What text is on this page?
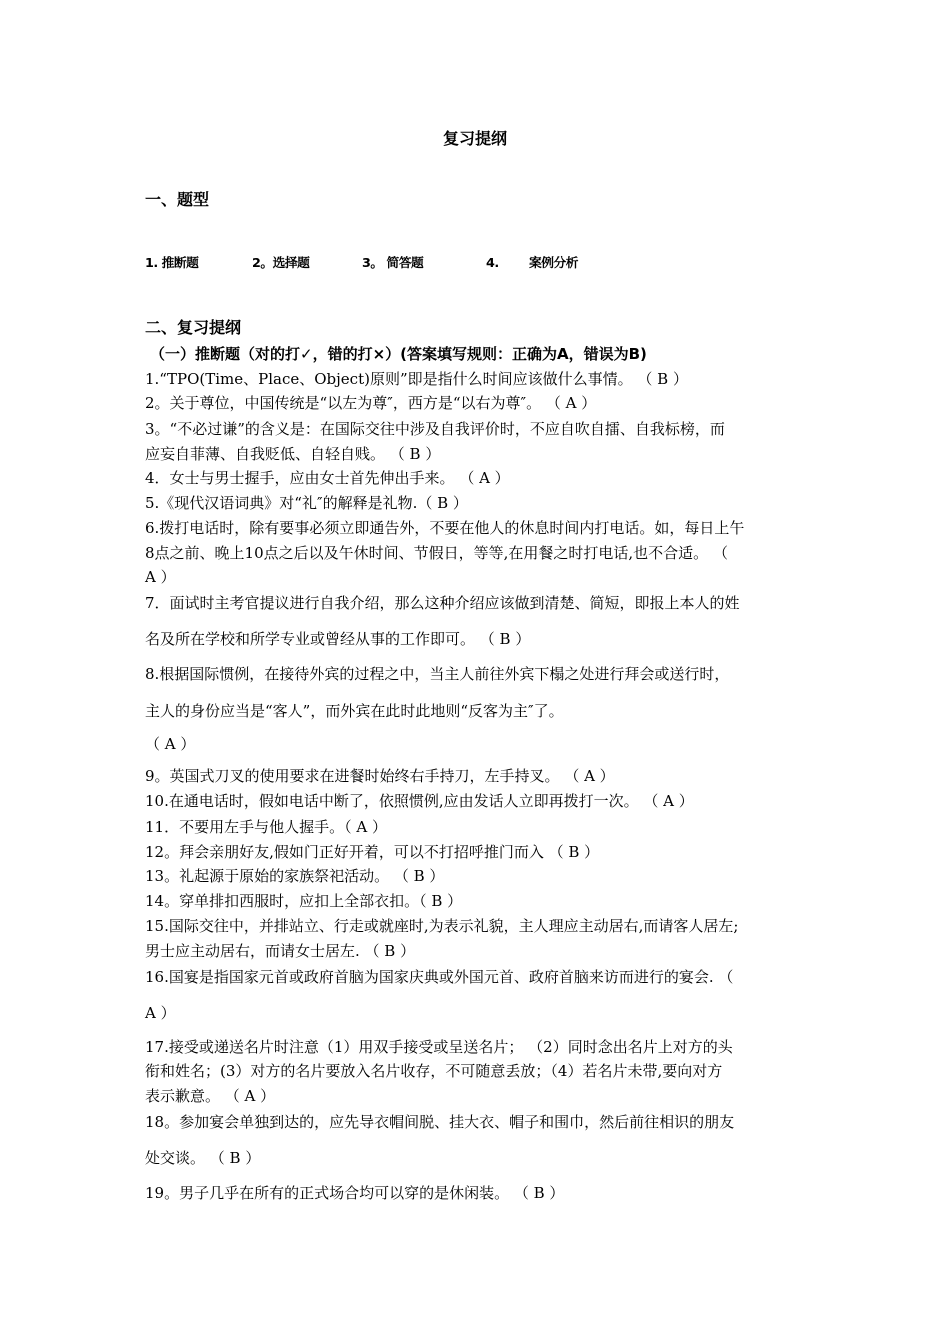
复习提纲
一、题型
1. 推断题	2。选择题	3。 简答题	4. 案例分析
二、复习提纲
（一）推断题（对的打✓，错的打×）(答案填写规则：正确为A，错误为B)
1.“TPO(Time、Place、Object)原则”即是指什么时间应该做什么事情。 （ B ）
2。关于尊位，中国传统是“以左为尊″，西方是“以右为尊″。 （ A ）
3。“不必过谦”的含义是：在国际交往中涉及自我评价时，不应自吹自擂、自我标榜，而
应妄自菲薄、自我贬低、自轻自贱。 （ B ）
4．女士与男士握手，应由女士首先伸出手来。 （ A ）
5.《现代汉语词典》对“礼″的解释是礼物.（ B ）
6.拨打电话时，除有要事必须立即通告外，不要在他人的休息时间内打电话。如，每日上午
8点之前、晚上10点之后以及午休时间、节假日，等等,在用餐之时打电话,也不合适。 （
A ）
7．面试时主考官提议进行自我介绍，那么这种介绍应该做到清楚、简短，即报上本人的姓
名及所在学校和所学专业或曾经从事的工作即可。 （ B ）
8.根据国际惯例，在接待外宾的过程之中，当主人前往外宾下榻之处进行拜会或送行时，
主人的身份应当是“客人”，而外宾在此时此地则“反客为主″了。
（ A ）
9。英国式刀叉的使用要求在进餐时始终右手持刀，左手持叉。 （ A ）
10.在通电话时，假如电话中断了，依照惯例,应由发话人立即再拨打一次。 （ A ）
11．不要用左手与他人握手。（ A ）
12。拜会亲朋好友,假如门正好开着，可以不打招呼推门而入 （ B ）
13。礼起源于原始的家族祭祀活动。 （ B ）
14。穿单排扣西服时，应扣上全部衣扣。（ B ）
15.国际交往中，并排站立、行走或就座时,为表示礼貌，主人理应主动居右,而请客人居左;
男士应主动居右，而请女士居左. （ B ）
16.国宴是指国家元首或政府首脑为国家庆典或外国元首、政府首脑来访而进行的宴会. （
A ）
17.接受或递送名片时注意（1）用双手接受或呈送名片； （2）同时念出名片上对方的头
衔和姓名；(3）对方的名片要放入名片收存，不可随意丢放；（4）若名片未带,要向对方
表示歉意。 （ A ）
18。参加宴会单独到达的，应先导衣帽间脱、挂大衣、帽子和围巾，然后前往相识的朋友
处交谈。 （ B ）
19。男子几乎在所有的正式场合均可以穿的是休闲装。 （ B ）
